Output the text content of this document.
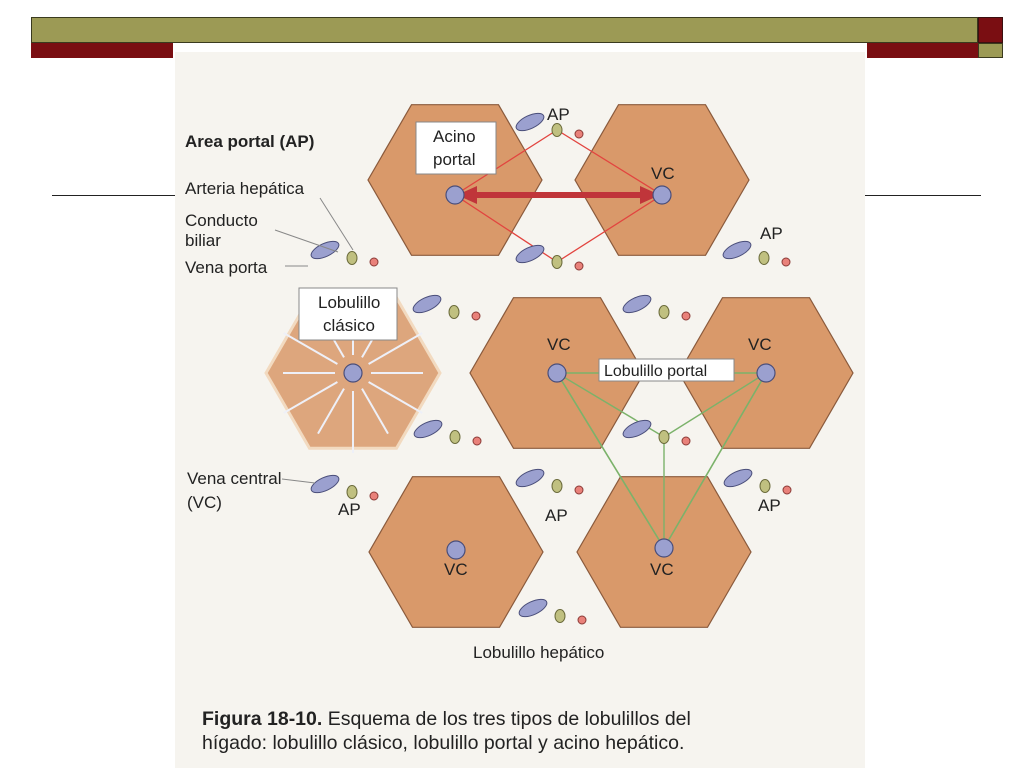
Area portal (AP)
Arteria hepática
Conducto
biliar
Vena porta
Vena central
(VC)
AP
AP
AP	AP
AP
VC
VC	VC
VC	VC
Acino
portal
Lobulillo
clásico
Lobulillo portal
Lobulillo hepático
Figura 18-10. Esquema de los tres tipos de lobulillos del
hígado: lobulillo clásico, lobulillo portal y acino hepático.
